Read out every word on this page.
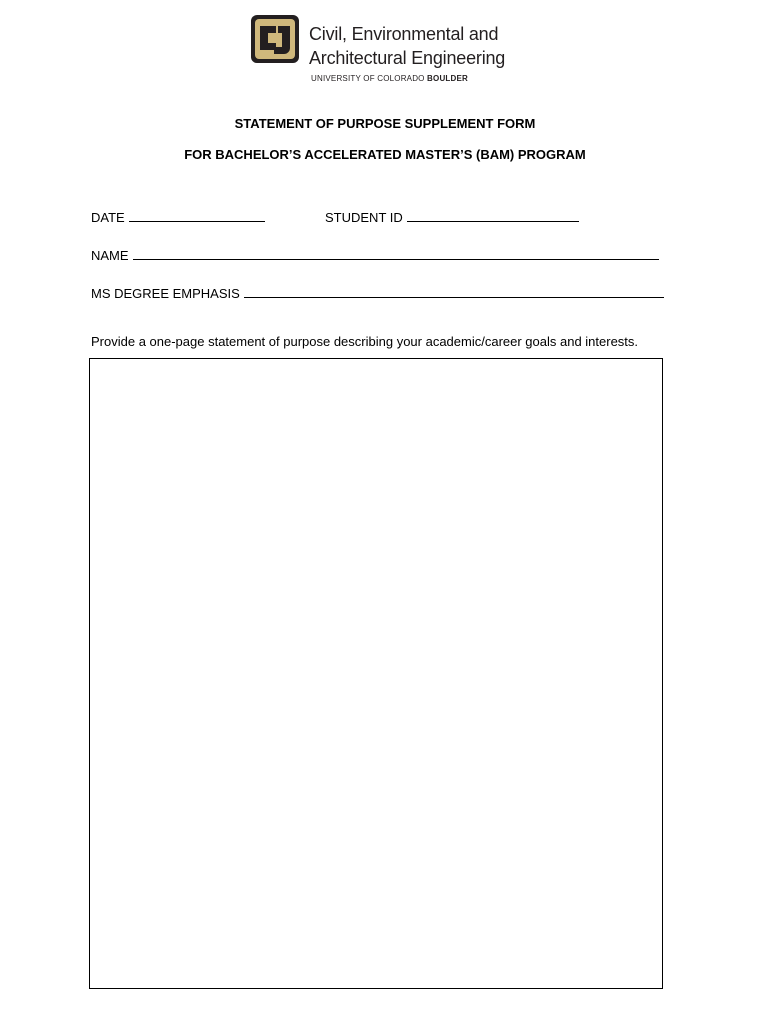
Civil, Environmental and
Architectural Engineering
UNIVERSITY OF COLORADO BOULDER
STATEMENT OF PURPOSE SUPPLEMENT FORM
FOR BACHELOR’S ACCELERATED MASTER’S (BAM) PROGRAM
DATE	STUDENT ID
NAME
MS DEGREE EMPHASIS
Provide a one-page statement of purpose describing your academic/career goals and interests.
